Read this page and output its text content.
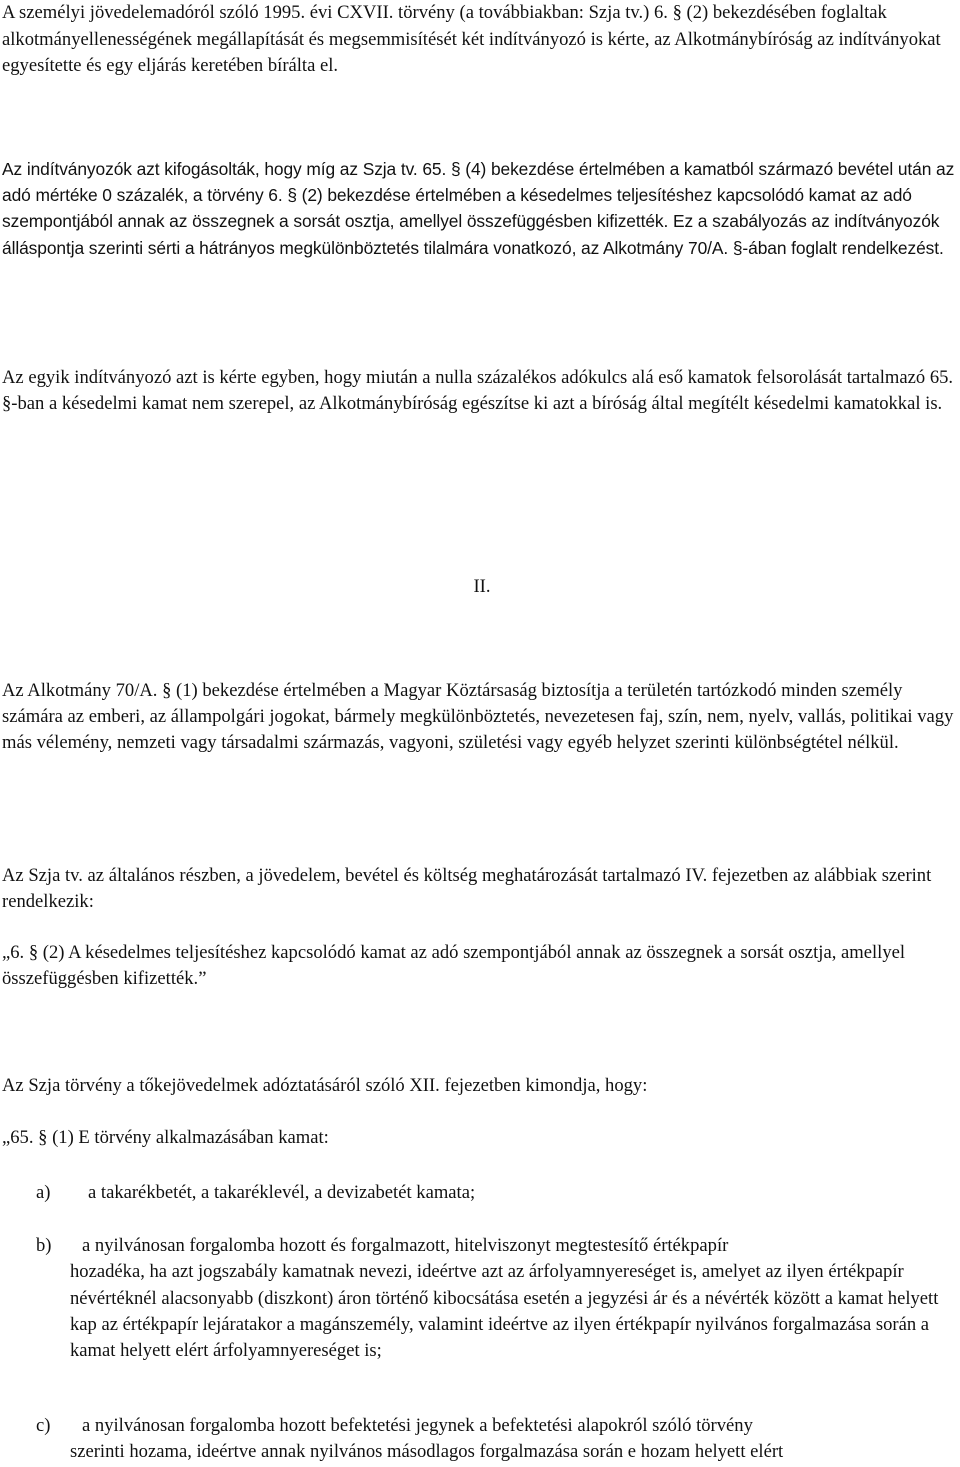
A személyi jövedelemadóról szóló 1995. évi CXVII. törvény (a továbbiakban: Szja tv.) 6. § (2) bekezdésében foglaltak alkotmányellenességének megállapítását és megsemmisítését két indítványozó is kérte, az Alkotmánybíróság az indítványokat egyesítette és egy eljárás keretében bírálta el.

Az indítványozók azt kifogásolták, hogy míg az Szja tv. 65. § (4) bekezdése értelmében a kamatból származó bevétel után az adó mértéke 0 százalék, a törvény 6. § (2) bekezdése értelmében a késedelmes teljesítéshez kapcsolódó kamat az adó szempontjából annak az összegnek a sorsát osztja, amellyel összefüggésben kifizették. Ez a szabályozás az indítványozók álláspontja szerinti sérti a hátrányos megkülönböztetés tilalmára vonatkozó, az Alkotmány 70/A. §-ában foglalt rendelkezést.

Az egyik indítványozó azt is kérte egyben, hogy miután a nulla százalékos adókulcs alá eső kamatok felsorolását tartalmazó 65. §-ban a késedelmi kamat nem szerepel, az Alkotmánybíróság egészítse ki azt a bíróság által megítélt késedelmi kamatokkal is.

II.

Az Alkotmány 70/A. § (1) bekezdése értelmében a Magyar Köztársaság biztosítja a területén tartózkodó minden személy számára az emberi, az állampolgári jogokat, bármely megkülönböztetés, nevezetesen faj, szín, nem, nyelv, vallás, politikai vagy más vélemény, nemzeti vagy társadalmi származás, vagyoni, születési vagy egyéb helyzet szerinti különbségtétel nélkül.

Az Szja tv. az általános részben, a jövedelem, bevétel és költség meghatározását tartalmazó IV. fejezetben az alábbiak szerint rendelkezik:

„6. § (2) A késedelmes teljesítéshez kapcsolódó kamat az adó szempontjából annak az összegnek a sorsát osztja, amellyel összefüggésben kifizették.”

Az Szja törvény a tőkejövedelmek adóztatásáról szóló XII. fejezetben kimondja, hogy:

„65. § (1) E törvény alkalmazásában kamat:

a) a takarékbetét, a takaréklevél, a devizabetét kamata;
b) a nyilvánosan forgalomba hozott és forgalmazott, hitelviszonyt megtestesítő értékpapír
hozadéka, ha azt jogszabály kamatnak nevezi, ideértve azt az árfolyamnyereséget is, amelyet az ilyen értékpapír névértéknél alacsonyabb (diszkont) áron történő kibocsátása esetén a jegyzési ár és a névérték között a kamat helyett kap az értékpapír lejáratakor a magánszemély, valamint ideértve az ilyen értékpapír nyilvános forgalmazása során a kamat helyett elért árfolyamnyereséget is;
c) a nyilvánosan forgalomba hozott befektetési jegynek a befektetési alapokról szóló törvény
szerinti hozama, ideértve annak nyilvános másodlagos forgalmazása során e hozam helyett elért
